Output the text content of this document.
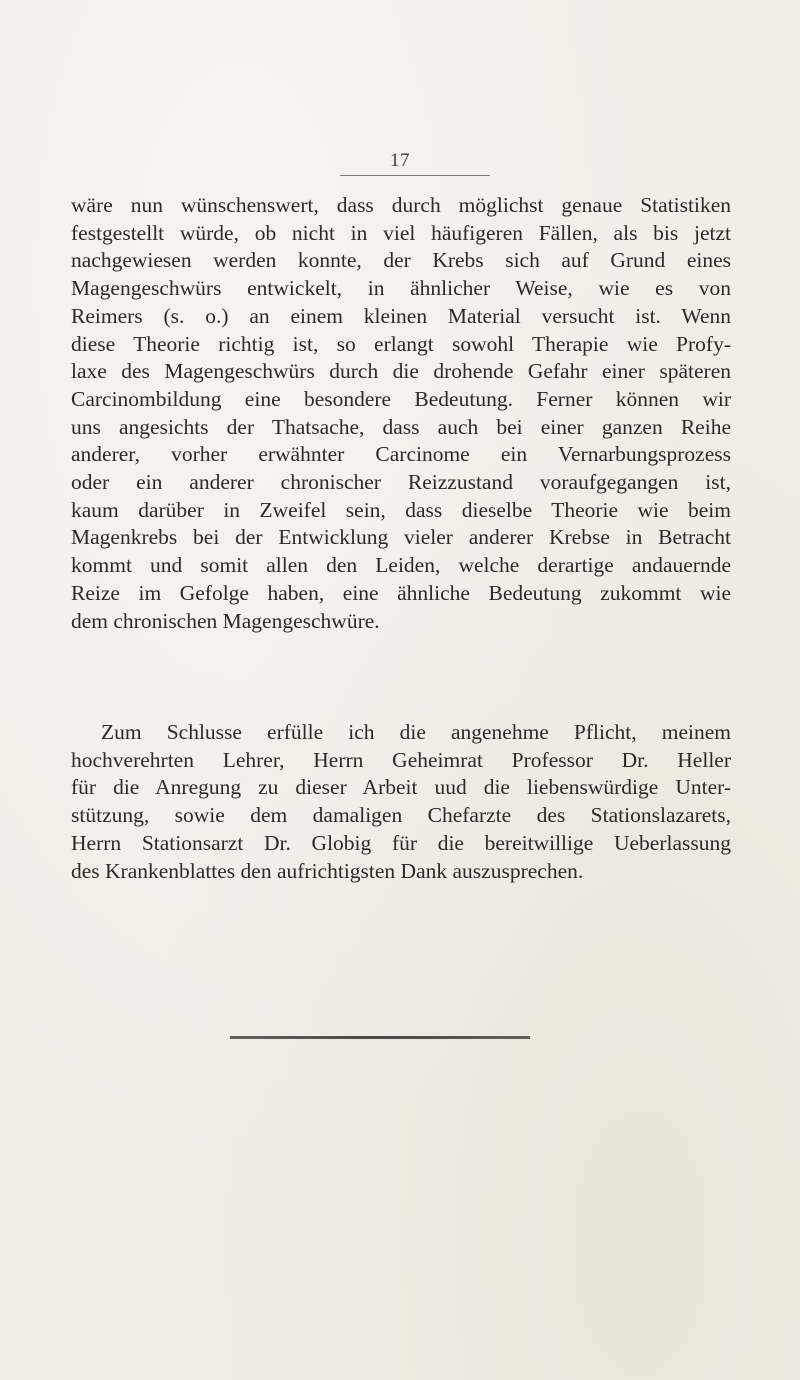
17
wäre nun wünschenswert, dass durch möglichst genaue Statistiken
festgestellt würde, ob nicht in viel häufigeren Fällen, als bis jetzt
nachgewiesen werden konnte, der Krebs sich auf Grund eines
Magengeschwürs entwickelt, in ähnlicher Weise, wie es von
Reimers (s. o.) an einem kleinen Material versucht ist. Wenn
diese Theorie richtig ist, so erlangt sowohl Therapie wie Profy-
laxe des Magengeschwürs durch die drohende Gefahr einer späteren
Carcinombildung eine besondere Bedeutung. Ferner können wir
uns angesichts der Thatsache, dass auch bei einer ganzen Reihe
anderer, vorher erwähnter Carcinome ein Vernarbungsprozess
oder ein anderer chronischer Reizzustand voraufgegangen ist,
kaum darüber in Zweifel sein, dass dieselbe Theorie wie beim
Magenkrebs bei der Entwicklung vieler anderer Krebse in Betracht
kommt und somit allen den Leiden, welche derartige andauernde
Reize im Gefolge haben, eine ähnliche Bedeutung zukommt wie
dem chronischen Magengeschwüre.
Zum Schlusse erfülle ich die angenehme Pflicht, meinem
hochverehrten Lehrer, Herrn Geheimrat Professor Dr. Heller
für die Anregung zu dieser Arbeit uud die liebenswürdige Unter-
stützung, sowie dem damaligen Chefarzte des Stationslazarets,
Herrn Stationsarzt Dr. Globig für die bereitwillige Ueberlassung
des Krankenblattes den aufrichtigsten Dank auszusprechen.
